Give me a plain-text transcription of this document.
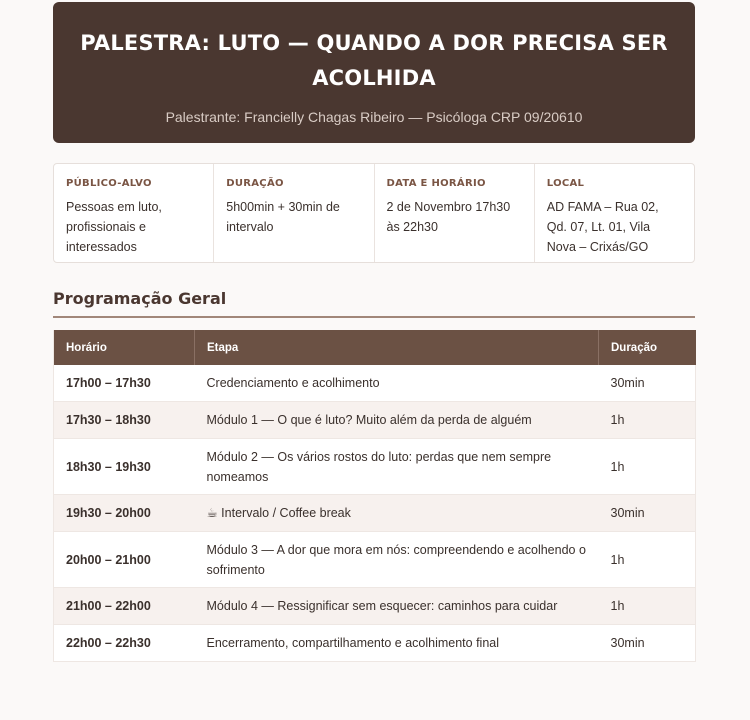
PALESTRA: LUTO — QUANDO A DOR PRECISA SER ACOLHIDA
Palestrante: Francielly Chagas Ribeiro — Psicóloga CRP 09/20610
PÚBLICO-ALVO
Pessoas em luto, profissionais e interessados
DURAÇÃO
5h00min + 30min de intervalo
DATA E HORÁRIO
2 de Novembro 17h30 às 22h30
LOCAL
AD FAMA – Rua 02, Qd. 07, Lt. 01, Vila Nova – Crixás/GO
Programação Geral
Horário	Etapa	Duração
17h00 – 17h30	Credenciamento e acolhimento	30min
17h30 – 18h30	Módulo 1 — O que é luto? Muito além da perda de alguém	1h
18h30 – 19h30	Módulo 2 — Os vários rostos do luto: perdas que nem sempre nomeamos	1h
19h30 – 20h00	☕ Intervalo / Coffee break	30min
20h00 – 21h00	Módulo 3 — A dor que mora em nós: compreendendo e acolhendo o sofrimento	1h
21h00 – 22h00	Módulo 4 — Ressignificar sem esquecer: caminhos para cuidar	1h
22h00 – 22h30	Encerramento, compartilhamento e acolhimento final	30min
